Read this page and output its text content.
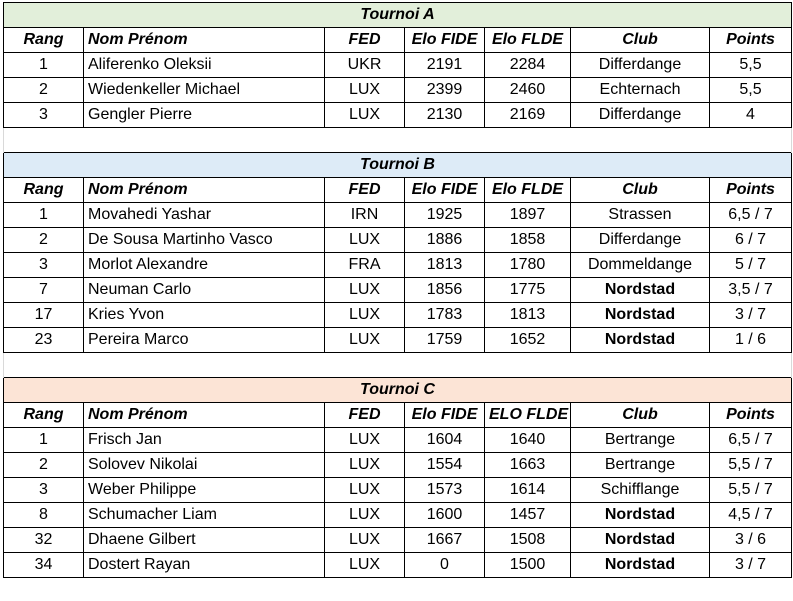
Tournoi A						
Rang	Nom Prénom	FED	Elo FIDE	Elo FLDE	Club	Points
1	Aliferenko Oleksii	UKR	2191	2284	Differdange	5,5
2	Wiedenkeller Michael	LUX	2399	2460	Echternach	5,5
3	Gengler Pierre	LUX	2130	2169	Differdange	4

Tournoi B						
Rang	Nom Prénom	FED	Elo FIDE	Elo FLDE	Club	Points
1	Movahedi Yashar	IRN	1925	1897	Strassen	6,5 / 7
2	De Sousa Martinho Vasco	LUX	1886	1858	Differdange	6 / 7
3	Morlot Alexandre	FRA	1813	1780	Dommeldange	5 / 7
7	Neuman Carlo	LUX	1856	1775	Nordstad	3,5 / 7
17	Kries Yvon	LUX	1783	1813	Nordstad	3 / 7
23	Pereira Marco	LUX	1759	1652	Nordstad	1 / 6

Tournoi C						
Rang	Nom Prénom	FED	Elo FIDE	ELO FLDE	Club	Points
1	Frisch Jan	LUX	1604	1640	Bertrange	6,5 / 7
2	Solovev Nikolai	LUX	1554	1663	Bertrange	5,5 / 7
3	Weber Philippe	LUX	1573	1614	Schifflange	5,5 / 7
8	Schumacher Liam	LUX	1600	1457	Nordstad	4,5 / 7
32	Dhaene Gilbert	LUX	1667	1508	Nordstad	3 / 6
34	Dostert Rayan	LUX	0	1500	Nordstad	3 / 7
